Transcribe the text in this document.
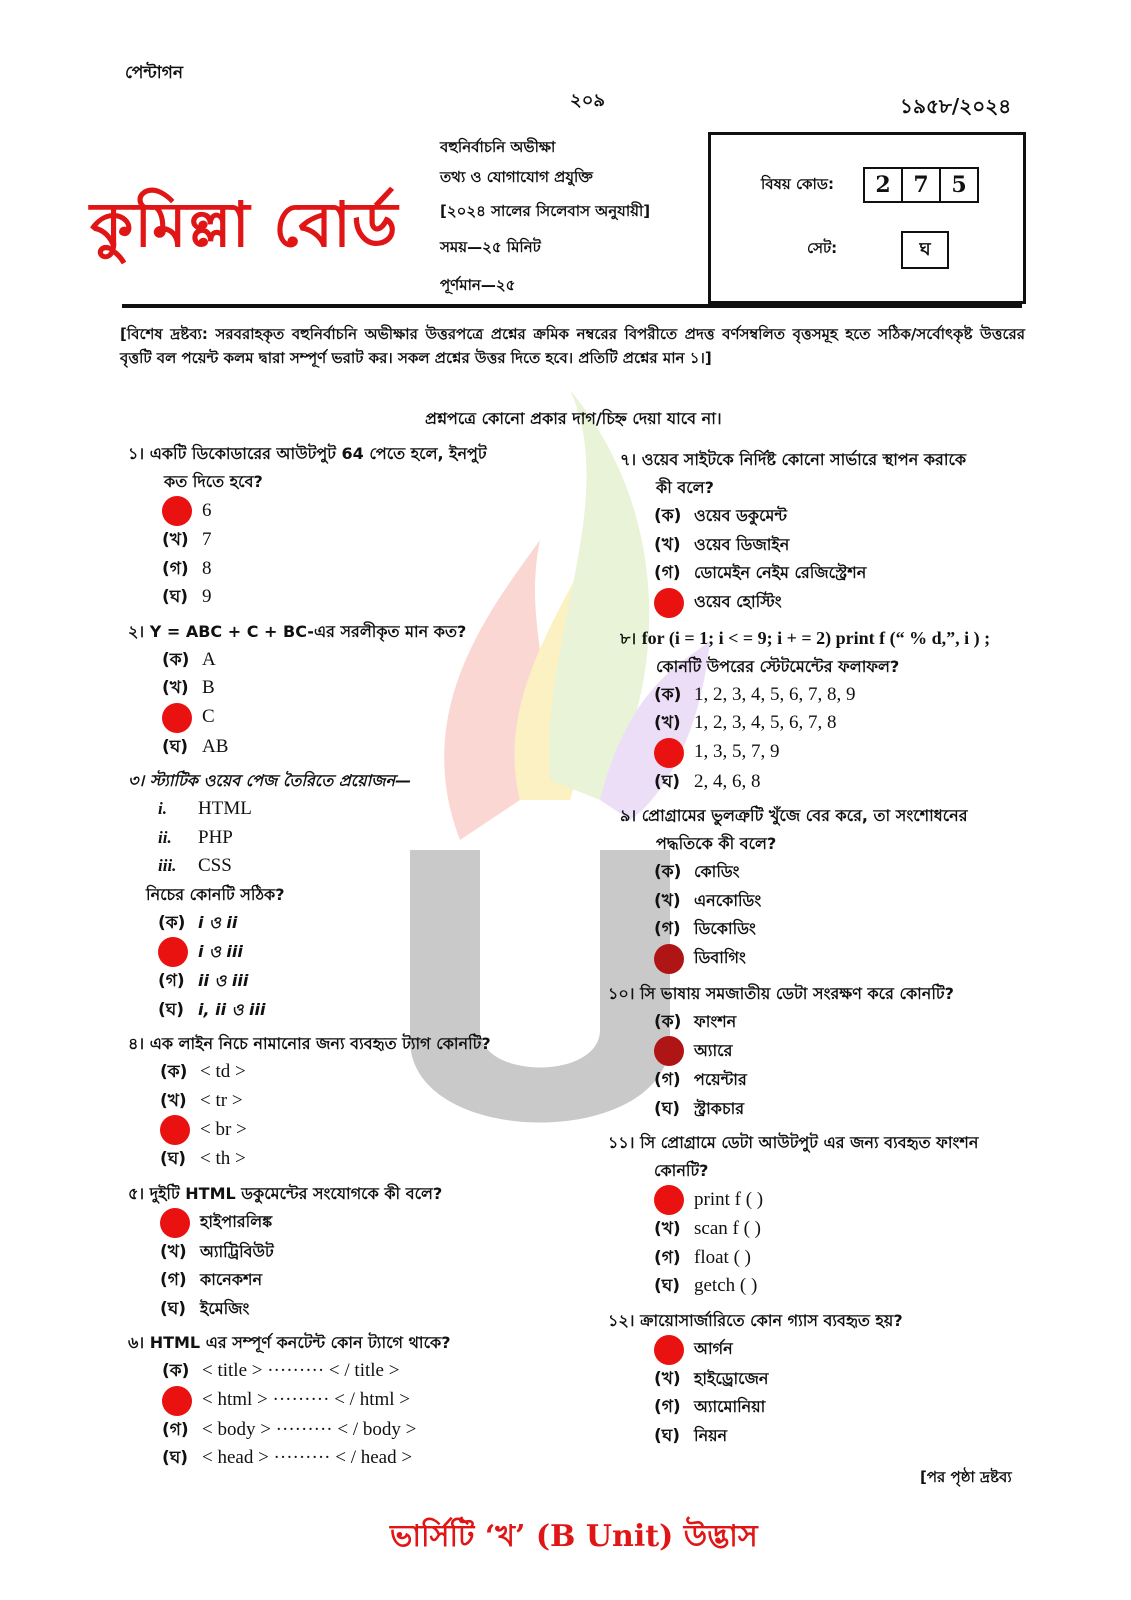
পেন্টাগন
২০৯	১৯৫৮/২০২৪
কুমিল্লা বোর্ড
বহুনির্বাচনি অভীক্ষা
তথ্য ও যোগাযোগ প্রযুক্তি
[২০২৪ সালের সিলেবাস অনুযায়ী]
সময়—২৫ মিনিট
পূর্ণমান—২৫
বিষয় কোড:	2	7	5
সেট:	ঘ
[বিশেষ দ্রষ্টব্য: সরবরাহকৃত বহুনির্বাচনি অভীক্ষার উত্তরপত্রে প্রশ্নের ক্রমিক নম্বরের বিপরীতে প্রদত্ত বর্ণসম্বলিত বৃত্তসমূহ হতে সঠিক/সর্বোৎকৃষ্ট উত্তরের বৃত্তটি বল পয়েন্ট কলম দ্বারা সম্পূর্ণ ভরাট কর। সকল প্রশ্নের উত্তর দিতে হবে। প্রতিটি প্রশ্নের মান ১।]
প্রশ্নপত্রে কোনো প্রকার দাগ/চিহ্ন দেয়া যাবে না।
১। একটি ডিকোডারের আউটপুট 64 পেতে হলে, ইনপুট
কত দিতে হবে?
6
(খ) 7
(গ) 8
(ঘ) 9
২। Y = ABC + C + BC-এর সরলীকৃত মান কত?
(ক) A
(খ) B
C
(ঘ) AB
৩। স্ট্যাটিক ওয়েব পেজ তৈরিতে প্রয়োজন—
i.	HTML
ii.	PHP
iii.	CSS
নিচের কোনটি সঠিক?
(ক) i ও ii
i ও iii
(গ) ii ও iii
(ঘ) i, ii ও iii
৪। এক লাইন নিচে নামানোর জন্য ব্যবহৃত ট্যাগ কোনটি?
(ক) < td >
(খ) < tr >
< br >
(ঘ) < th >
৫। দুইটি HTML ডকুমেন্টের সংযোগকে কী বলে?
হাইপারলিঙ্ক
(খ) অ্যাট্রিবিউট
(গ) কানেকশন
(ঘ) ইমেজিং
৬। HTML এর সম্পূর্ণ কনটেন্ট কোন ট্যাগে থাকে?
(ক) < title > ········· < / title >
< html > ········· < / html >
(গ) < body > ········· < / body >
(ঘ) < head > ········· < / head >
৭। ওয়েব সাইটকে নির্দিষ্ট কোনো সার্ভারে স্থাপন করাকে
কী বলে?
(ক) ওয়েব ডকুমেন্ট
(খ) ওয়েব ডিজাইন
(গ) ডোমেইন নেইম রেজিস্ট্রেশন
ওয়েব হোস্টিং
৮। for (i = 1; i < = 9; i + = 2) print f (“ % d,”, i ) ;
কোনটি উপরের স্টেটমেন্টের ফলাফল?
(ক) 1, 2, 3, 4, 5, 6, 7, 8, 9
(খ) 1, 2, 3, 4, 5, 6, 7, 8
1, 3, 5, 7, 9
(ঘ) 2, 4, 6, 8
৯। প্রোগ্রামের ভুলত্রুটি খুঁজে বের করে, তা সংশোধনের
পদ্ধতিকে কী বলে?
(ক) কোডিং
(খ) এনকোডিং
(গ) ডিকোডিং
ডিবাগিং
১০। সি ভাষায় সমজাতীয় ডেটা সংরক্ষণ করে কোনটি?
(ক) ফাংশন
অ্যারে
(গ) পয়েন্টার
(ঘ) স্ট্রাকচার
১১। সি প্রোগ্রামে ডেটা আউটপুট এর জন্য ব্যবহৃত ফাংশন
কোনটি?
print f ( )
(খ) scan f ( )
(গ) float ( )
(ঘ) getch ( )
১২। ক্রায়োসার্জারিতে কোন গ্যাস ব্যবহৃত হয়?
আর্গন
(খ) হাইড্রোজেন
(গ) অ্যামোনিয়া
(ঘ) নিয়ন
[পর পৃষ্ঠা দ্রষ্টব্য
ভার্সিটি ‘খ’ (B Unit) উদ্ভাস
